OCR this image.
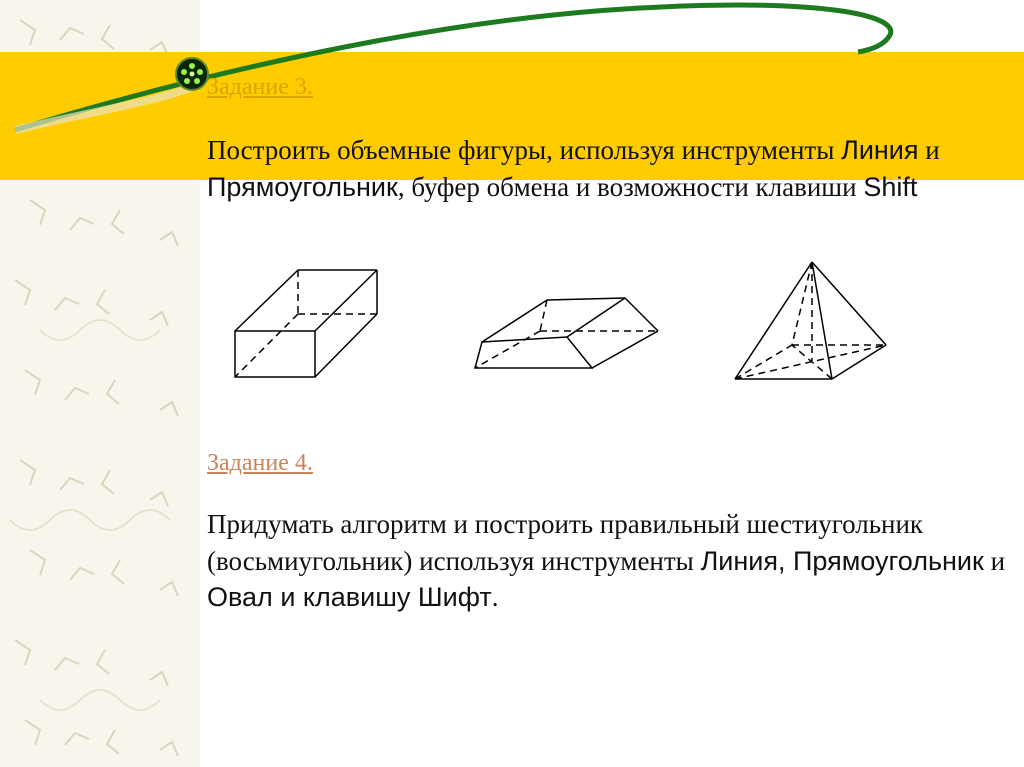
Задание 3.

Построить объемные фигуры, используя инструменты Линия и Прямоугольник, буфер обмена и возможности клавиши Shift

Задание 4.

Придумать алгоритм и построить правильный шестиугольник (восьмиугольник) используя инструменты Линия, Прямоугольник и Овал и клавишу Шифт.
